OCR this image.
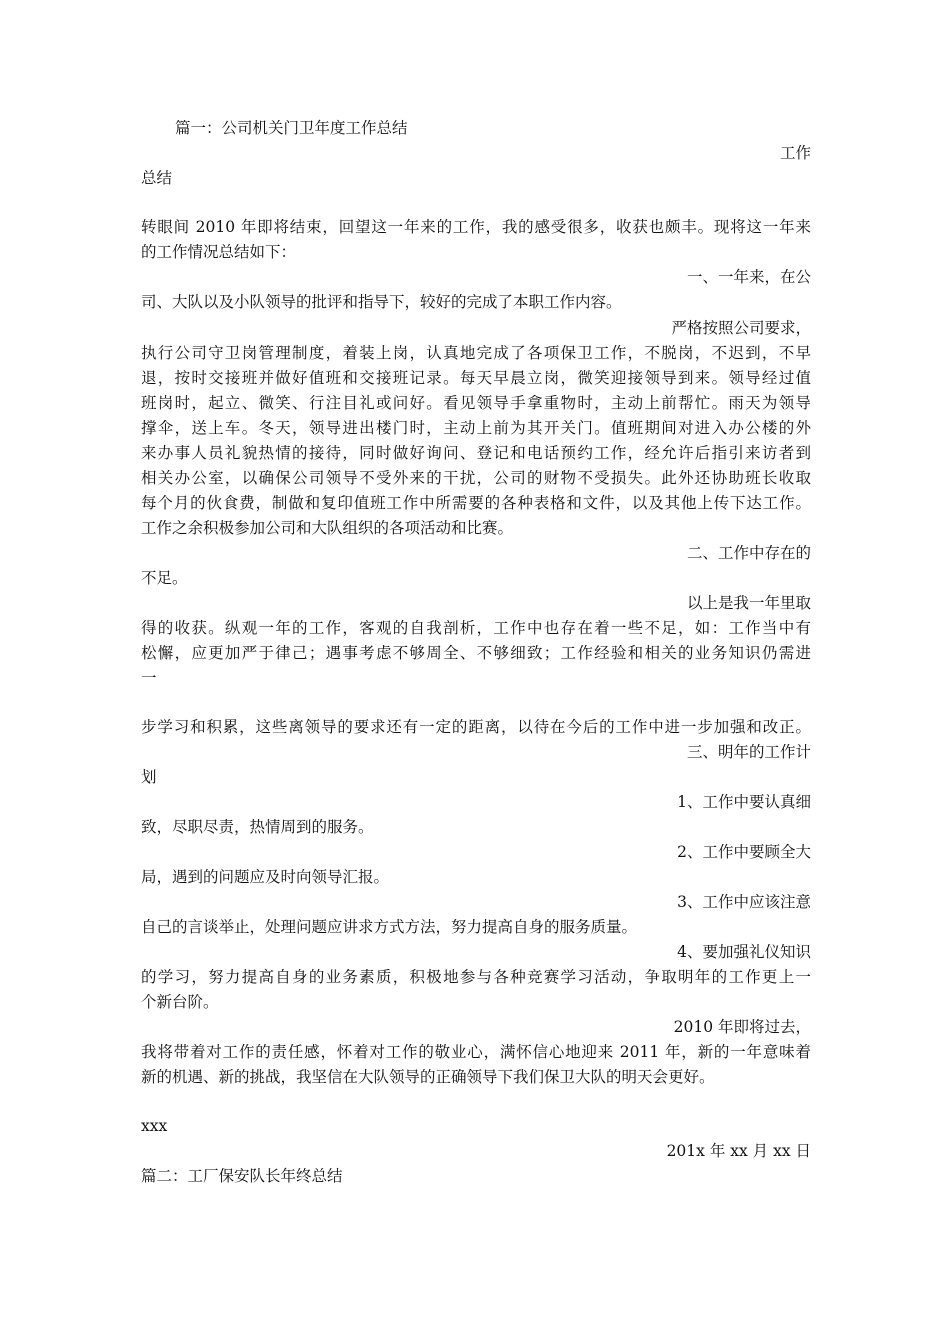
篇一：公司机关门卫年度工作总结
工作
总结
转眼间 2010 年即将结束，回望这一年来的工作，我的感受很多，收获也颇丰。现将这一年来
的工作情况总结如下：
一、一年来，在公
司、大队以及小队领导的批评和指导下，较好的完成了本职工作内容。
严格按照公司要求，
执行公司守卫岗管理制度，着装上岗，认真地完成了各项保卫工作，不脱岗，不迟到，不早
退，按时交接班并做好值班和交接班记录。每天早晨立岗，微笑迎接领导到来。领导经过值
班岗时，起立、微笑、行注目礼或问好。看见领导手拿重物时，主动上前帮忙。雨天为领导
撑伞，送上车。冬天，领导进出楼门时，主动上前为其开关门。值班期间对进入办公楼的外
来办事人员礼貌热情的接待，同时做好询问、登记和电话预约工作，经允许后指引来访者到
相关办公室，以确保公司领导不受外来的干扰，公司的财物不受损失。此外还协助班长收取
每个月的伙食费，制做和复印值班工作中所需要的各种表格和文件，以及其他上传下达工作。
工作之余积极参加公司和大队组织的各项活动和比赛。
二、工作中存在的
不足。
以上是我一年里取
得的收获。纵观一年的工作，客观的自我剖析，工作中也存在着一些不足，如：工作当中有
松懈，应更加严于律己；遇事考虑不够周全、不够细致；工作经验和相关的业务知识仍需进
一
步学习和积累，这些离领导的要求还有一定的距离，以待在今后的工作中进一步加强和改正。
三、明年的工作计
划
1、工作中要认真细
致，尽职尽责，热情周到的服务。
2、工作中要顾全大
局，遇到的问题应及时向领导汇报。
3、工作中应该注意
自己的言谈举止，处理问题应讲求方式方法，努力提高自身的服务质量。
4、要加强礼仪知识
的学习，努力提高自身的业务素质，积极地参与各种竞赛学习活动，争取明年的工作更上一
个新台阶。
2010 年即将过去，
我将带着对工作的责任感，怀着对工作的敬业心，满怀信心地迎来 2011 年，新的一年意味着
新的机遇、新的挑战，我坚信在大队领导的正确领导下我们保卫大队的明天会更好。
xxx
201x 年 xx 月 xx 日
篇二：工厂保安队长年终总结
